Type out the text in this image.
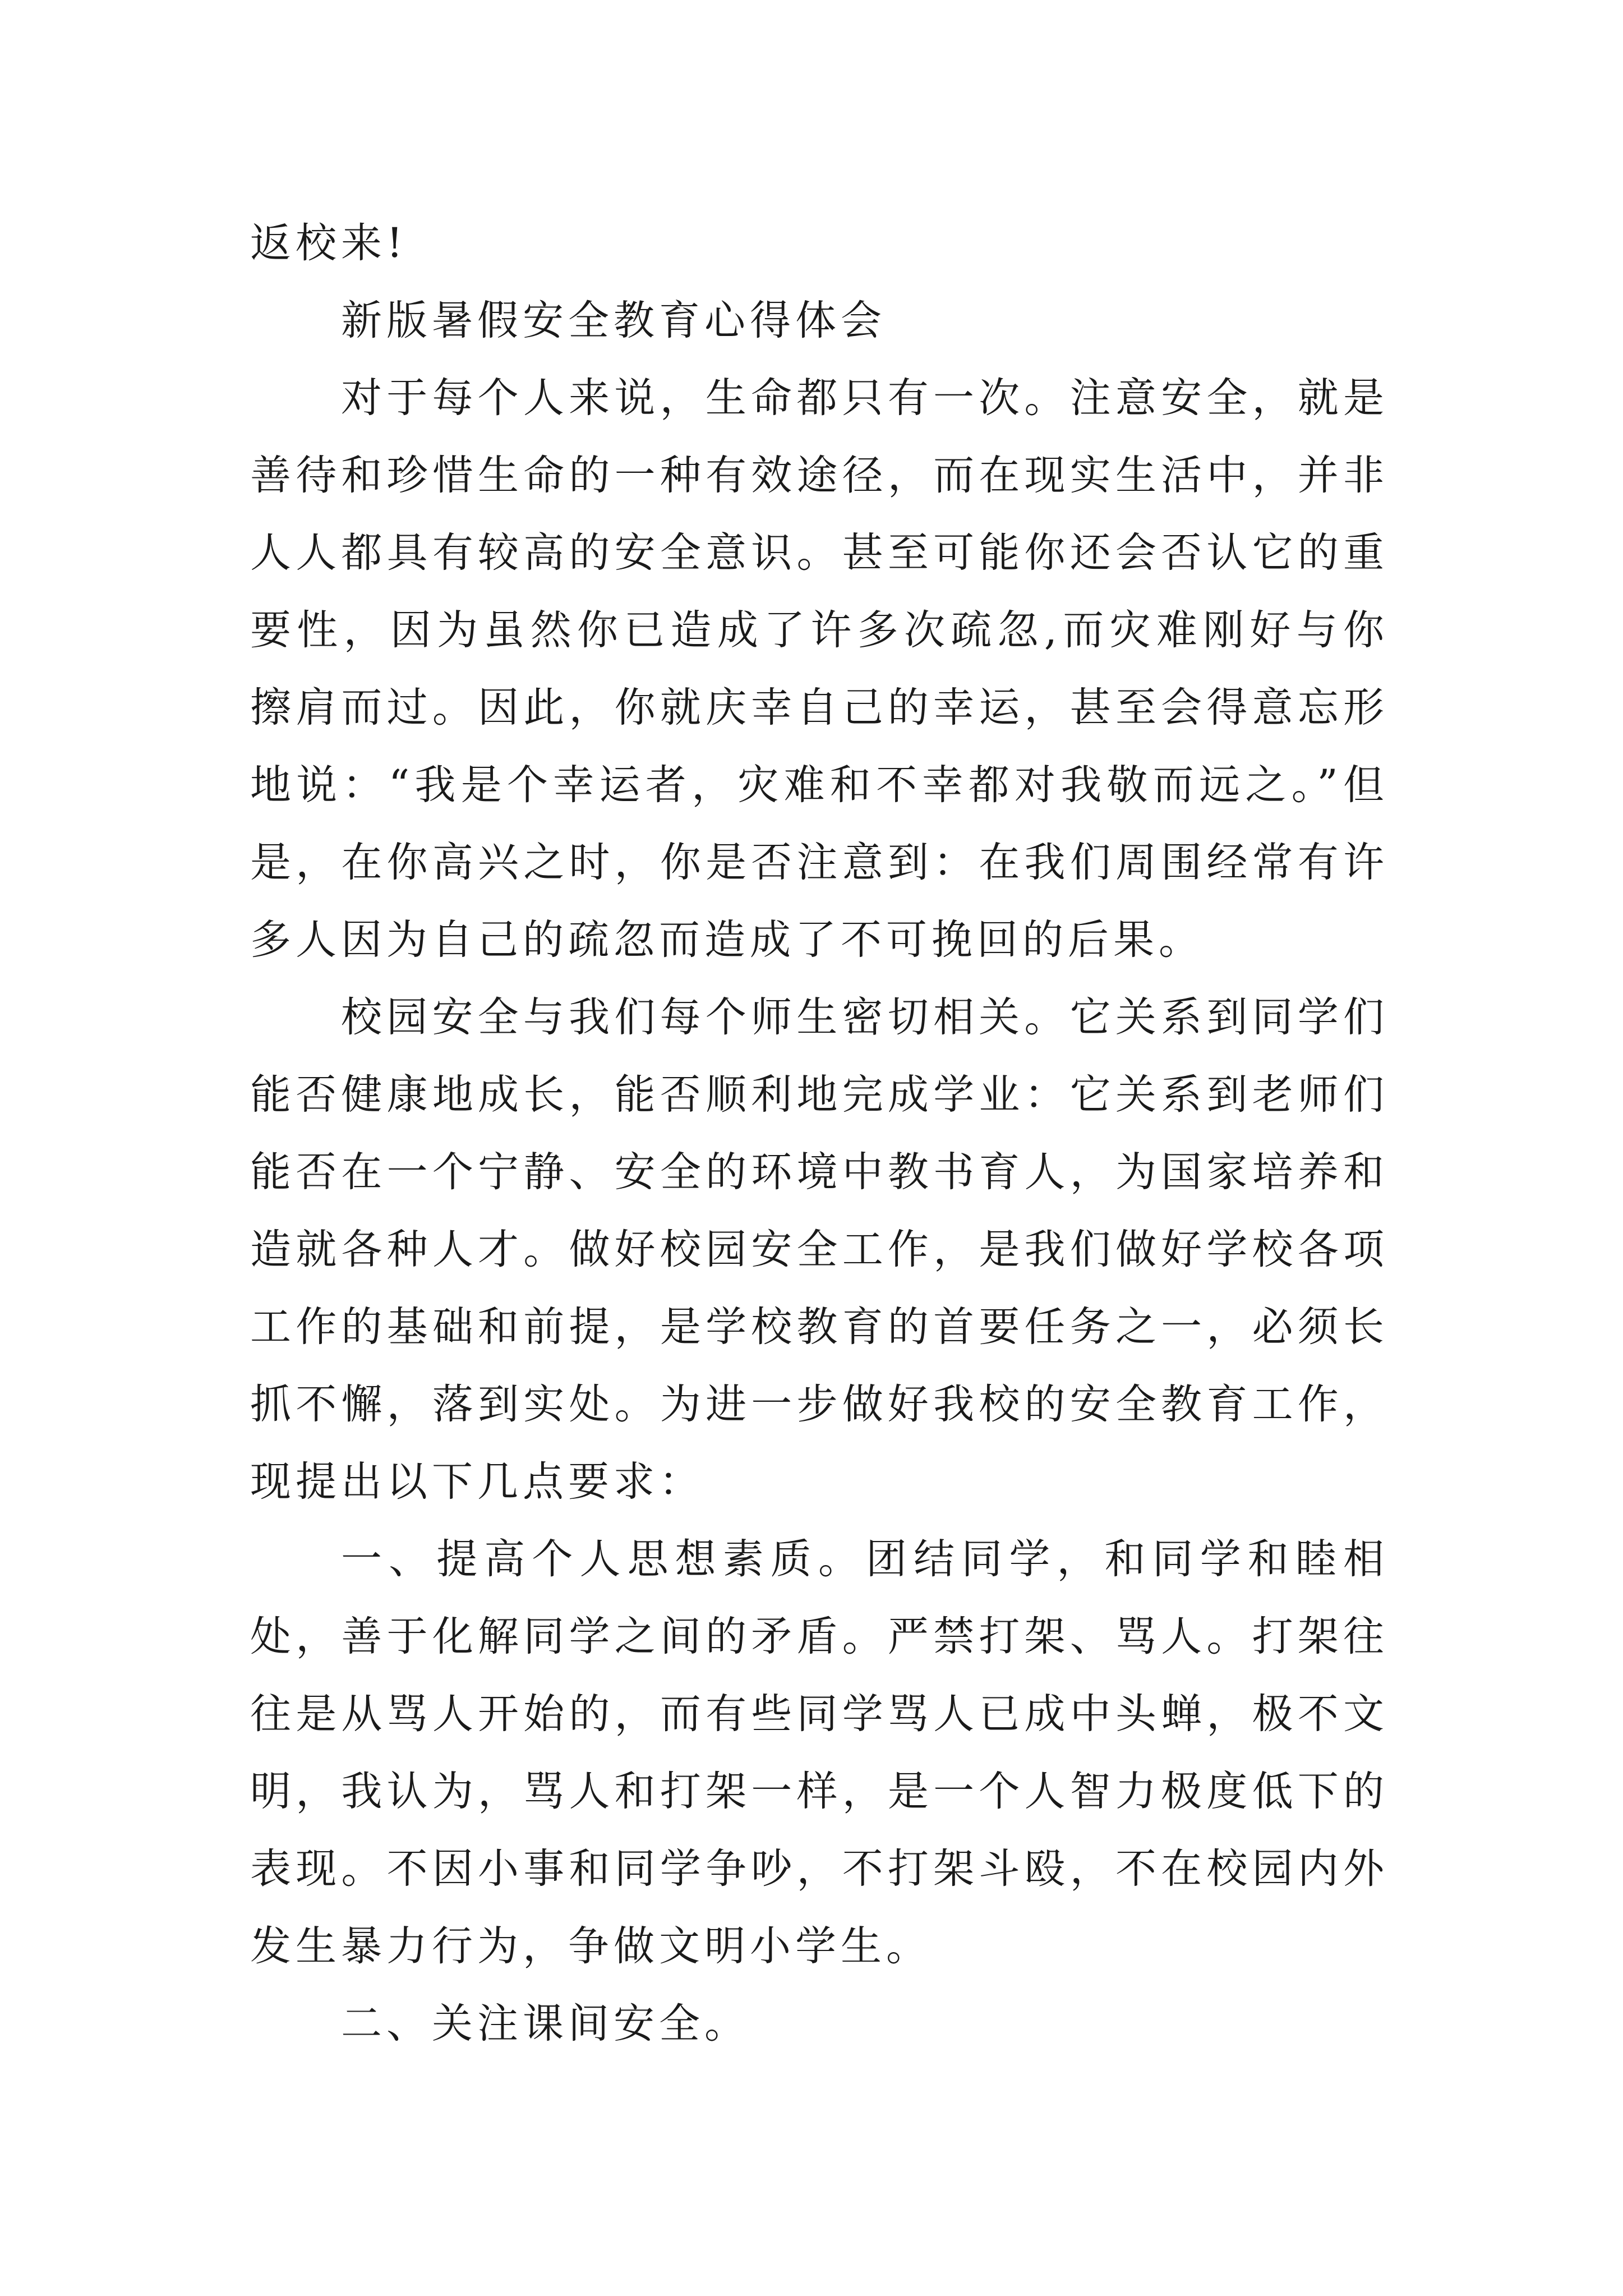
返校来!

新版暑假安全教育心得体会

对于每个人来说，生命都只有一次。注意安全，就是善待和珍惜生命的一种有效途径，而在现实生活中，并非人人都具有较高的安全意识。甚至可能你还会否认它的重要性，因为虽然你已造成了许多次疏忽,而灾难刚好与你擦肩而过。因此，你就庆幸自己的幸运，甚至会得意忘形地说：“我是个幸运者，灾难和不幸都对我敬而远之。”但是，在你高兴之时，你是否注意到：在我们周围经常有许多人因为自己的疏忽而造成了不可挽回的后果。

校园安全与我们每个师生密切相关。它关系到同学们能否健康地成长，能否顺利地完成学业：它关系到老师们能否在一个宁静、安全的环境中教书育人，为国家培养和造就各种人才。做好校园安全工作，是我们做好学校各项工作的基础和前提，是学校教育的首要任务之一，必须长抓不懈，落到实处。为进一步做好我校的安全教育工作，现提出以下几点要求：

一、提高个人思想素质。团结同学，和同学和睦相处，善于化解同学之间的矛盾。严禁打架、骂人。打架往往是从骂人开始的，而有些同学骂人已成中头蝉，极不文明，我认为，骂人和打架一样，是一个人智力极度低下的表现。不因小事和同学争吵，不打架斗殴，不在校园内外发生暴力行为，争做文明小学生。

二、关注课间安全。
